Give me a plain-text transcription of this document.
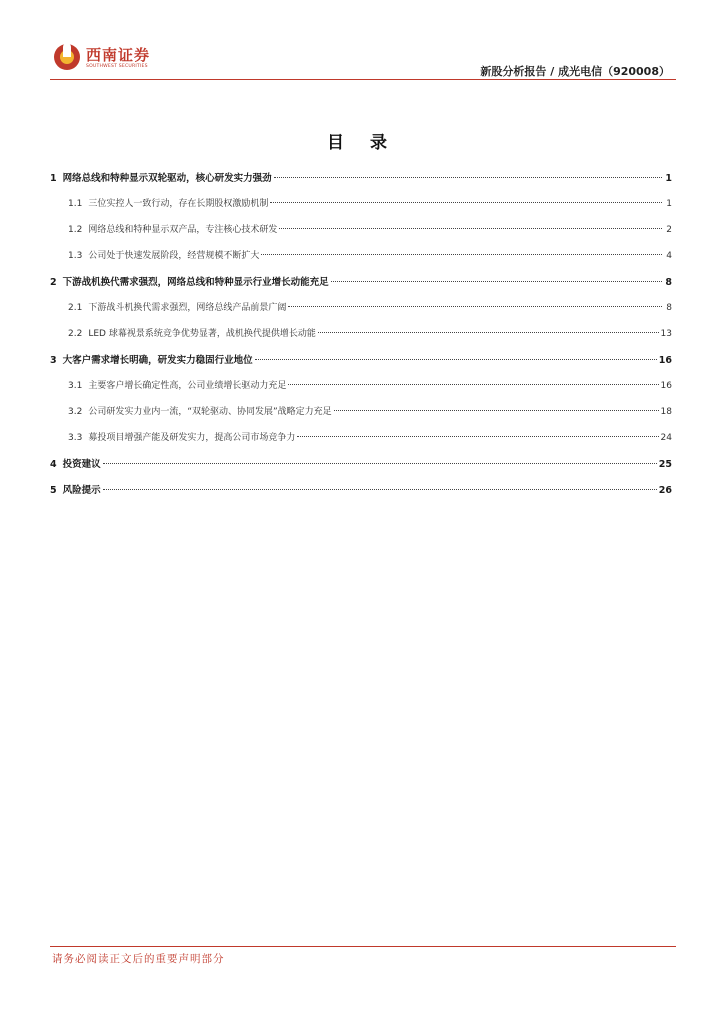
西南证券
SOUTHWEST SECURITIES	新股分析报告 / 成光电信（920008）
目 录
1 网络总线和特种显示双轮驱动，核心研发实力强劲	1
1.1 三位实控人一致行动，存在长期股权激励机制	1
1.2 网络总线和特种显示双产品，专注核心技术研发	2
1.3 公司处于快速发展阶段，经营规模不断扩大	4
2 下游战机换代需求强烈，网络总线和特种显示行业增长动能充足	8
2.1 下游战斗机换代需求强烈，网络总线产品前景广阔	8
2.2 LED 球幕视景系统竞争优势显著，战机换代提供增长动能	13
3 大客户需求增长明确，研发实力稳固行业地位	16
3.1 主要客户增长确定性高，公司业绩增长驱动力充足	16
3.2 公司研发实力业内一流，“双轮驱动、协同发展”战略定力充足	18
3.3 募投项目增强产能及研发实力，提高公司市场竞争力	24
4 投资建议	25
5 风险提示	26
请务必阅读正文后的重要声明部分
